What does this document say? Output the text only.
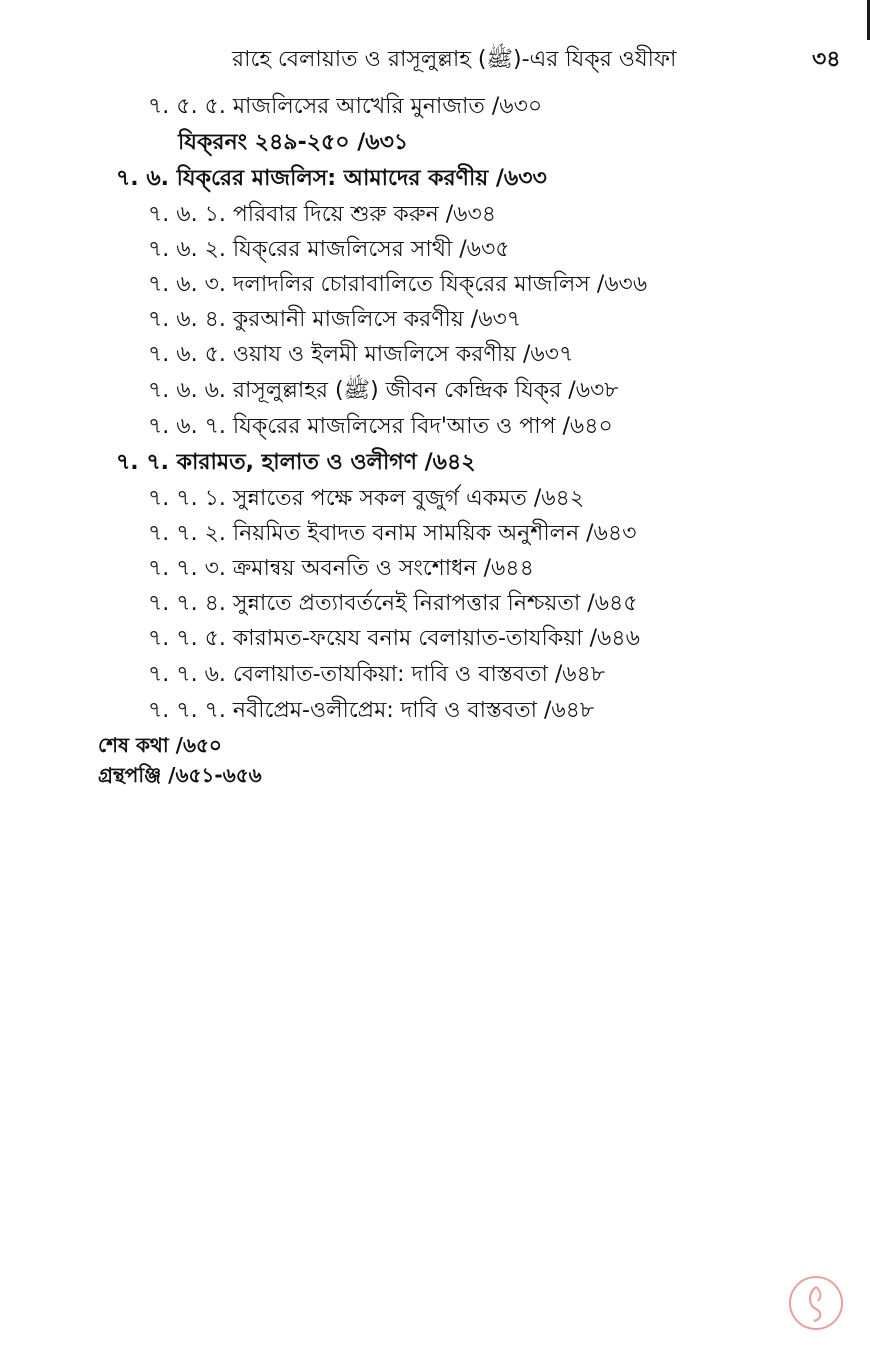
রাহে বেলায়াত ও রাসূলুল্লাহ (ﷺ)-এর যিক্‌র ওযীফা	৩৪
৭. ৫. ৫. মাজলিসের আখেরি মুনাজাত /৬৩০
যিক্‌রনং ২৪৯-২৫০ /৬৩১
৭. ৬. যিক্‌রের মাজলিস: আমাদের করণীয় /৬৩৩
৭. ৬. ১. পরিবার দিয়ে শুরু করুন /৬৩৪
৭. ৬. ২. যিক্‌রের মাজলিসের সাথী /৬৩৫
৭. ৬. ৩. দলাদলির চোরাবালিতে যিক্‌রের মাজলিস /৬৩৬
৭. ৬. ৪. কুরআনী মাজলিসে করণীয় /৬৩৭
৭. ৬. ৫. ওয়ায ও ইলমী মাজলিসে করণীয় /৬৩৭
৭. ৬. ৬. রাসূলুল্লাহর (ﷺ) জীবন কেন্দ্রিক যিক্‌র /৬৩৮
৭. ৬. ৭. যিক্‌রের মাজলিসের বিদ'আত ও পাপ /৬৪০
৭. ৭. কারামত, হালাত ও ওলীগণ /৬৪২
৭. ৭. ১. সুন্নাতের পক্ষে সকল বুজুর্গ একমত /৬৪২
৭. ৭. ২. নিয়মিত ইবাদত বনাম সাময়িক অনুশীলন /৬৪৩
৭. ৭. ৩. ক্রমান্বয় অবনতি ও সংশোধন /৬৪৪
৭. ৭. ৪. সুন্নাতে প্রত্যাবর্তনেই নিরাপত্তার নিশ্চয়তা /৬৪৫
৭. ৭. ৫. কারামত-ফয়েয বনাম বেলায়াত-তাযকিয়া /৬৪৬
৭. ৭. ৬. বেলায়াত-তাযকিয়া: দাবি ও বাস্তবতা /৬৪৮
৭. ৭. ৭. নবীপ্রেম-ওলীপ্রেম: দাবি ও বাস্তবতা /৬৪৮
শেষ কথা /৬৫০
গ্রন্থপঞ্জি /৬৫১-৬৫৬
